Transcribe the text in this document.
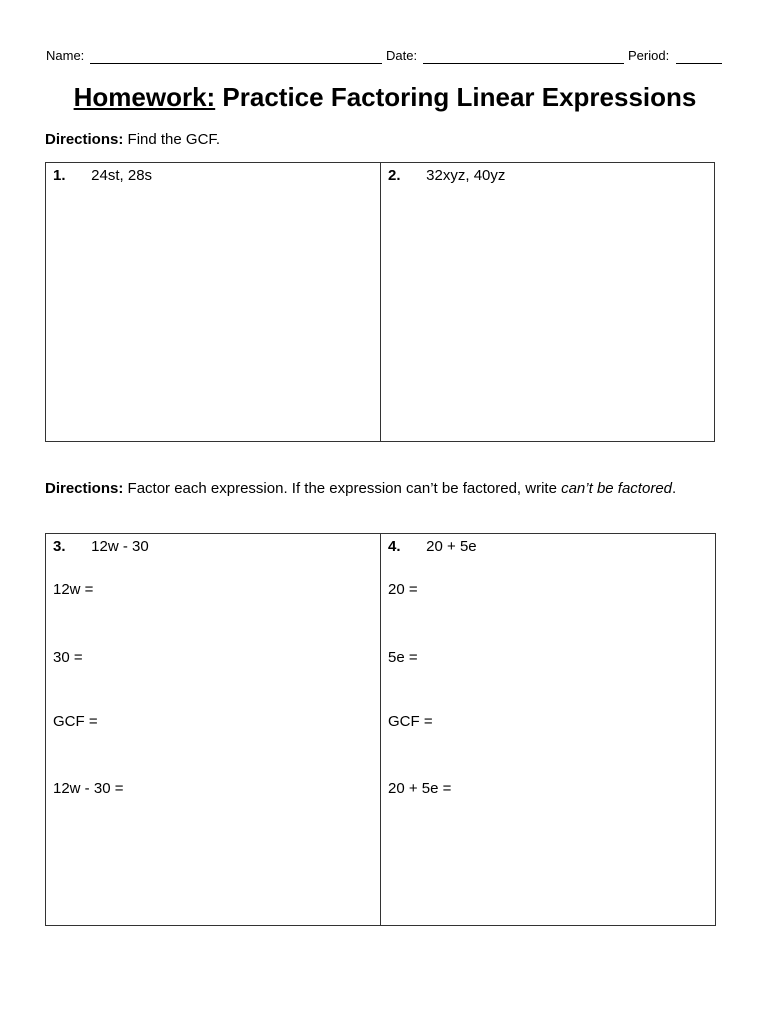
Name:	Date:	Period:
Homework: Practice Factoring Linear Expressions
Directions: Find the GCF.
1. 24st, 28s	2. 32xyz, 40yz
Directions: Factor each expression. If the expression can’t be factored, write can’t be factored.
3. 12w - 30
12w =
30 =
GCF =
12w - 30 =
4. 20 + 5e
20 =
5e =
GCF =
20 + 5e =
